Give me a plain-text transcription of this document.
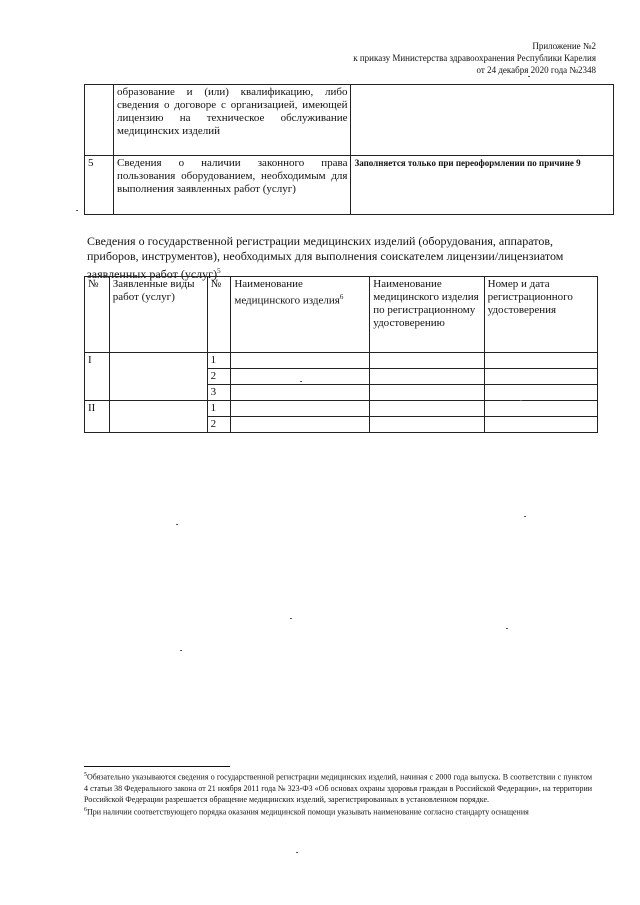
Приложение №2
к приказу Министерства здравоохранения Республики Карелия
от 24 декабря 2020 года №2348
	образование и (или) квалификацию, либо сведения о договоре с организацией, имеющей лицензию на техническое обслуживание медицинских изделий	
5	Сведения о наличии законного права пользования оборудованием, необходимым для выполнения заявленных работ (услуг)	Заполняется только при переоформлении по причине 9
Сведения о государственной регистрации медицинских изделий (оборудования, аппаратов, приборов, инструментов), необходимых для выполнения соискателем лицензии/лицензиатом заявленных работ (услуг)$^5$
№	Заявленные виды работ (услуг)	№	Наименование медицинского изделия$^6$	Наименование медицинского изделия по регистрационному удостоверению	Номер и дата регистрационного удостоверения
I		1			
		2			
		3			
II		1			
		2			

$^5$Обязательно указываются сведения о государственной регистрации медицинских изделий, начиная с 2000 года выпуска. В соответствии с пунктом 4 статьи 38 Федерального закона от 21 ноября 2011 года № 323-ФЗ «Об основах охраны здоровья граждан в Российской Федерации», на территории Российской Федерации разрешается обращение медицинских изделий, зарегистрированных в установленном порядке.

$^6$При наличии соответствующего порядка оказания медицинской помощи указывать наименование согласно стандарту оснащения
